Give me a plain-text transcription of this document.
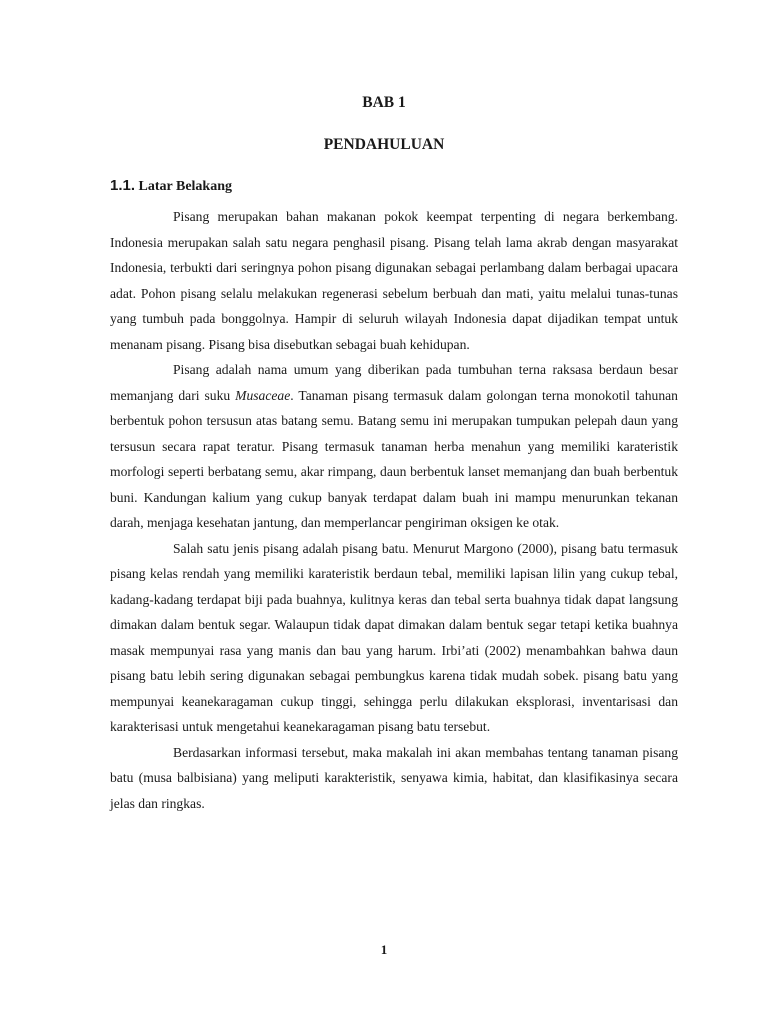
BAB 1
PENDAHULUAN
1.1. Latar Belakang

Pisang merupakan bahan makanan pokok keempat terpenting di negara berkembang. Indonesia merupakan salah satu negara penghasil pisang. Pisang telah lama akrab dengan masyarakat Indonesia, terbukti dari seringnya pohon pisang digunakan sebagai perlambang dalam berbagai upacara adat. Pohon pisang selalu melakukan regenerasi sebelum berbuah dan mati, yaitu melalui tunas-tunas yang tumbuh pada bonggolnya. Hampir di seluruh wilayah Indonesia dapat dijadikan tempat untuk menanam pisang. Pisang bisa disebutkan sebagai buah kehidupan.

Pisang adalah nama umum yang diberikan pada tumbuhan terna raksasa berdaun besar memanjang dari suku Musaceae. Tanaman pisang termasuk dalam golongan terna monokotil tahunan berbentuk pohon tersusun atas batang semu. Batang semu ini merupakan tumpukan pelepah daun yang tersusun secara rapat teratur. Pisang termasuk tanaman herba menahun yang memiliki karateristik morfologi seperti berbatang semu, akar rimpang, daun berbentuk lanset memanjang dan buah berbentuk buni. Kandungan kalium yang cukup banyak terdapat dalam buah ini mampu menurunkan tekanan darah, menjaga kesehatan jantung, dan memperlancar pengiriman oksigen ke otak.

Salah satu jenis pisang adalah pisang batu. Menurut Margono (2000), pisang batu termasuk pisang kelas rendah yang memiliki karateristik berdaun tebal, memiliki lapisan lilin yang cukup tebal, kadang-kadang terdapat biji pada buahnya, kulitnya keras dan tebal serta buahnya tidak dapat langsung dimakan dalam bentuk segar. Walaupun tidak dapat dimakan dalam bentuk segar tetapi ketika buahnya masak mempunyai rasa yang manis dan bau yang harum. Irbi’ati (2002) menambahkan bahwa daun pisang batu lebih sering digunakan sebagai pembungkus karena tidak mudah sobek. pisang batu yang mempunyai keanekaragaman cukup tinggi, sehingga perlu dilakukan eksplorasi, inventarisasi dan karakterisasi untuk mengetahui keanekaragaman pisang batu tersebut.

Berdasarkan informasi tersebut, maka makalah ini akan membahas tentang tanaman pisang batu (musa balbisiana) yang meliputi karakteristik, senyawa kimia, habitat, dan klasifikasinya secara jelas dan ringkas.

1
